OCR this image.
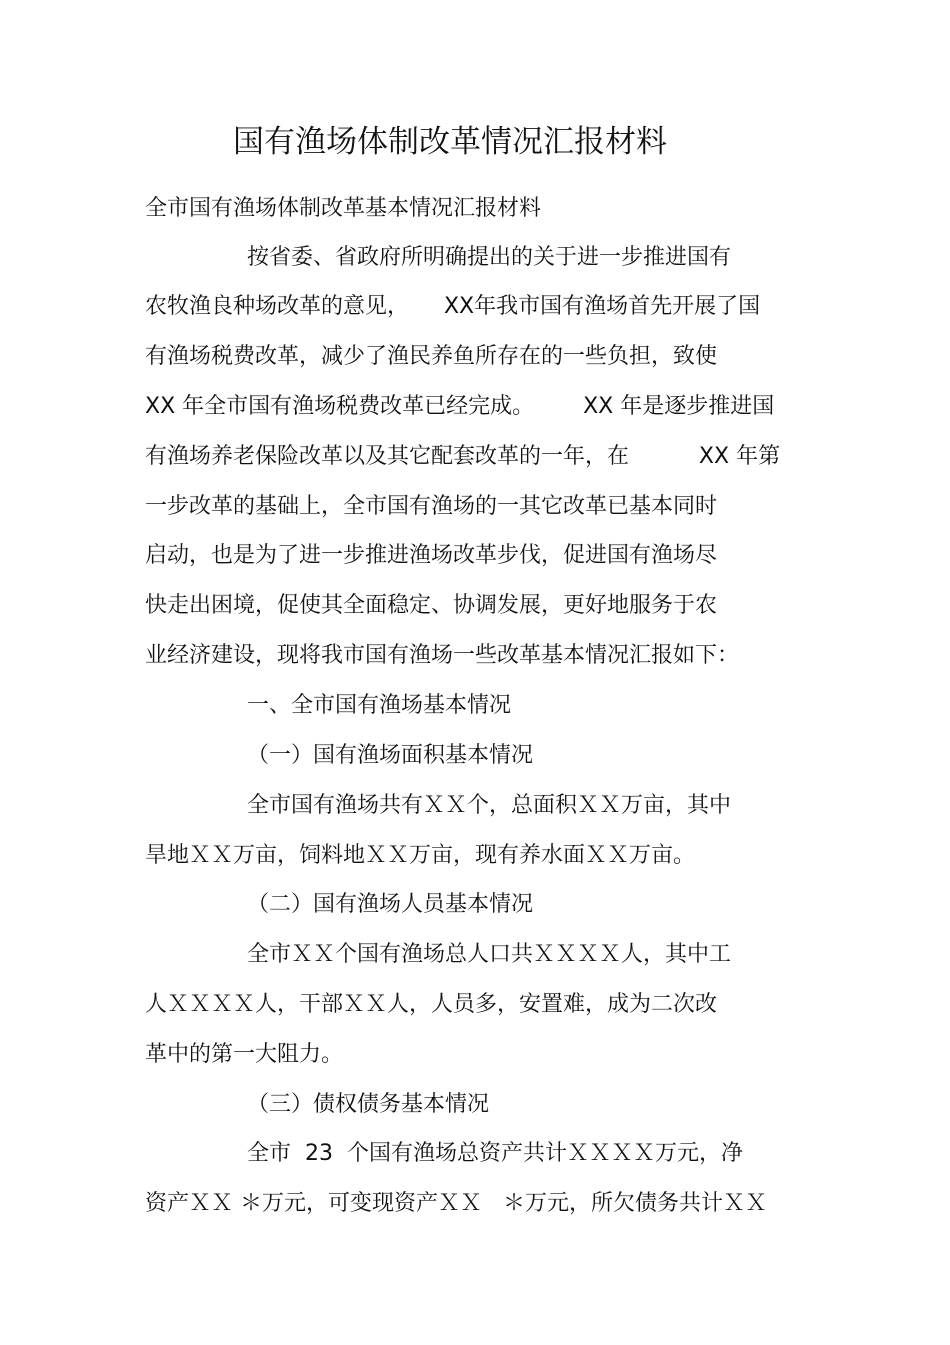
国有渔场体制改革情况汇报材料
全市国有渔场体制改革基本情况汇报材料
按省委、省政府所明确提出的关于进一步推进国有
农牧渔良种场改革的意见，     XX年我市国有渔场首先开展了国
有渔场税费改革，减少了渔民养鱼所存在的一些负担，致使
XX 年全市国有渔场税费改革已经完成。       XX 年是逐步推进国
有渔场养老保险改革以及其它配套改革的一年，在          XX 年第
一步改革的基础上，全市国有渔场的一其它改革已基本同时
启动，也是为了进一步推进渔场改革步伐，促进国有渔场尽
快走出困境，促使其全面稳定、协调发展，更好地服务于农
业经济建设，现将我市国有渔场一些改革基本情况汇报如下：
一、全市国有渔场基本情况
（一）国有渔场面积基本情况
全市国有渔场共有ＸＸ个，总面积ＸＸ万亩，其中
旱地ＸＸ万亩，饲料地ＸＸ万亩，现有养水面ＸＸ万亩。
（二）国有渔场人员基本情况
全市ＸＸ个国有渔场总人口共ＸＸＸＸ人，其中工
人ＸＸＸＸ人，干部ＸＸ人，人员多，安置难，成为二次改
革中的第一大阻力。
（三）债权债务基本情况
全市  23  个国有渔场总资产共计ＸＸＸＸ万元，净
资产ＸＸ ＊万元，可变现资产ＸＸ   ＊万元，所欠债务共计ＸＸ
